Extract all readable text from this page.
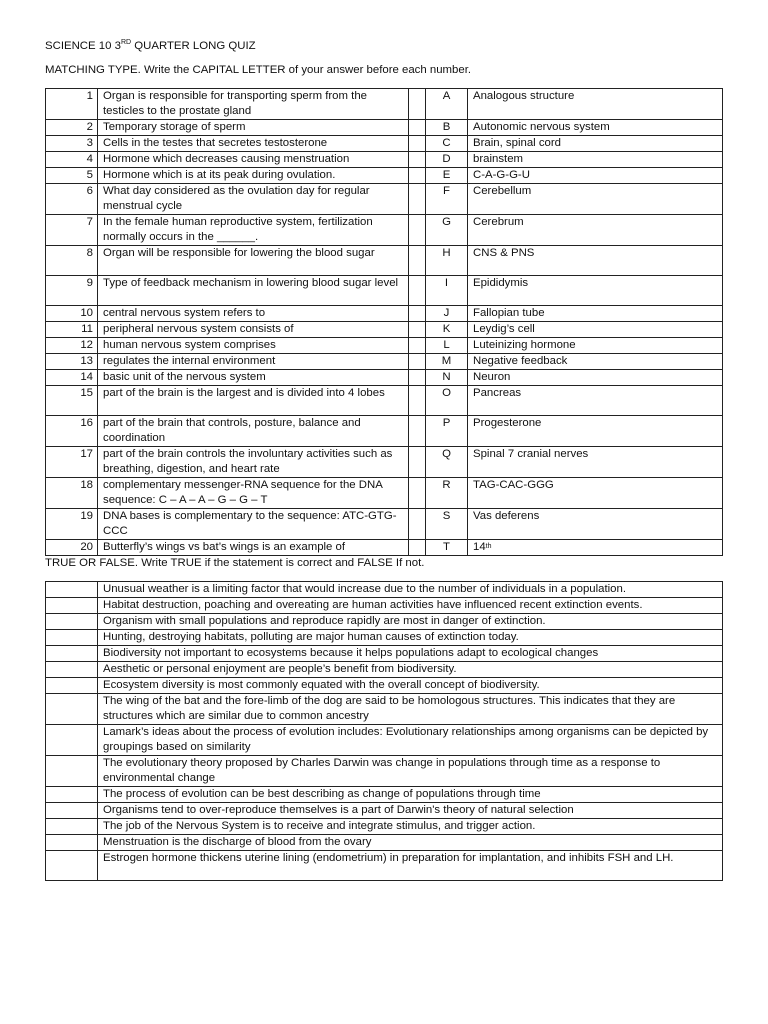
SCIENCE 10 3RD QUARTER LONG QUIZ
MATCHING TYPE. Write the CAPITAL LETTER of your answer before each number.
1	Organ is responsible for transporting sperm from the testicles to the prostate gland		A	Analogous structure
2	Temporary storage of sperm		B	Autonomic nervous system
3	Cells in the testes that secretes testosterone		C	Brain, spinal cord
4	Hormone which decreases causing menstruation		D	brainstem
5	Hormone which is at its peak during ovulation.		E	C-A-G-G-U
6	What day considered as the ovulation day for regular menstrual cycle		F	Cerebellum
7	In the female human reproductive system, fertilization normally occurs in the ______.		G	Cerebrum
8	Organ will be responsible for lowering the blood sugar		H	CNS & PNS
9	Type of feedback mechanism in lowering blood sugar level		I	Epididymis
10	central nervous system refers to		J	Fallopian tube
11	peripheral nervous system consists of		K	Leydig’s cell
12	human nervous system comprises		L	Luteinizing hormone
13	regulates the internal environment		M	Negative feedback
14	basic unit of the nervous system		N	Neuron
15	part of the brain is the largest and is divided into 4 lobes		O	Pancreas
16	part of the brain that controls, posture, balance and coordination		P	Progesterone
17	part of the brain controls the involuntary activities such as breathing, digestion, and heart rate		Q	Spinal 7 cranial nerves
18	complementary messenger-RNA sequence for the DNA sequence: C – A – A – G – G – T		R	TAG-CAC-GGG
19	DNA bases is complementary to the sequence: ATC-GTG-CCC		S	Vas deferens
20	Butterfly’s wings vs bat’s wings is an example of		T	14th
TRUE OR FALSE. Write TRUE if the statement is correct and FALSE If not.
	Unusual weather is a limiting factor that would increase due to the number of individuals in a population.
	Habitat destruction, poaching and overeating are human activities have influenced recent extinction events.
	Organism with small populations and reproduce rapidly are most in danger of extinction.
	Hunting, destroying habitats, polluting are major human causes of extinction today.
	Biodiversity not important to ecosystems because it helps populations adapt to ecological changes
	Aesthetic or personal enjoyment are people’s benefit from biodiversity.
	Ecosystem diversity is most commonly equated with the overall concept of biodiversity.
	The wing of the bat and the fore-limb of the dog are said to be homologous structures. This indicates that they are structures which are similar due to common ancestry
	Lamark’s ideas about the process of evolution includes: Evolutionary relationships among organisms can be depicted by groupings based on similarity
	The evolutionary theory proposed by Charles Darwin was change in populations through time as a response to environmental change
	The process of evolution can be best describing as change of populations through time
	Organisms tend to over-reproduce themselves is a part of Darwin's theory of natural selection
	The job of the Nervous System is to receive and integrate stimulus, and trigger action.
	Menstruation is the discharge of blood from the ovary
	Estrogen hormone thickens uterine lining (endometrium) in preparation for implantation, and inhibits FSH and LH.
